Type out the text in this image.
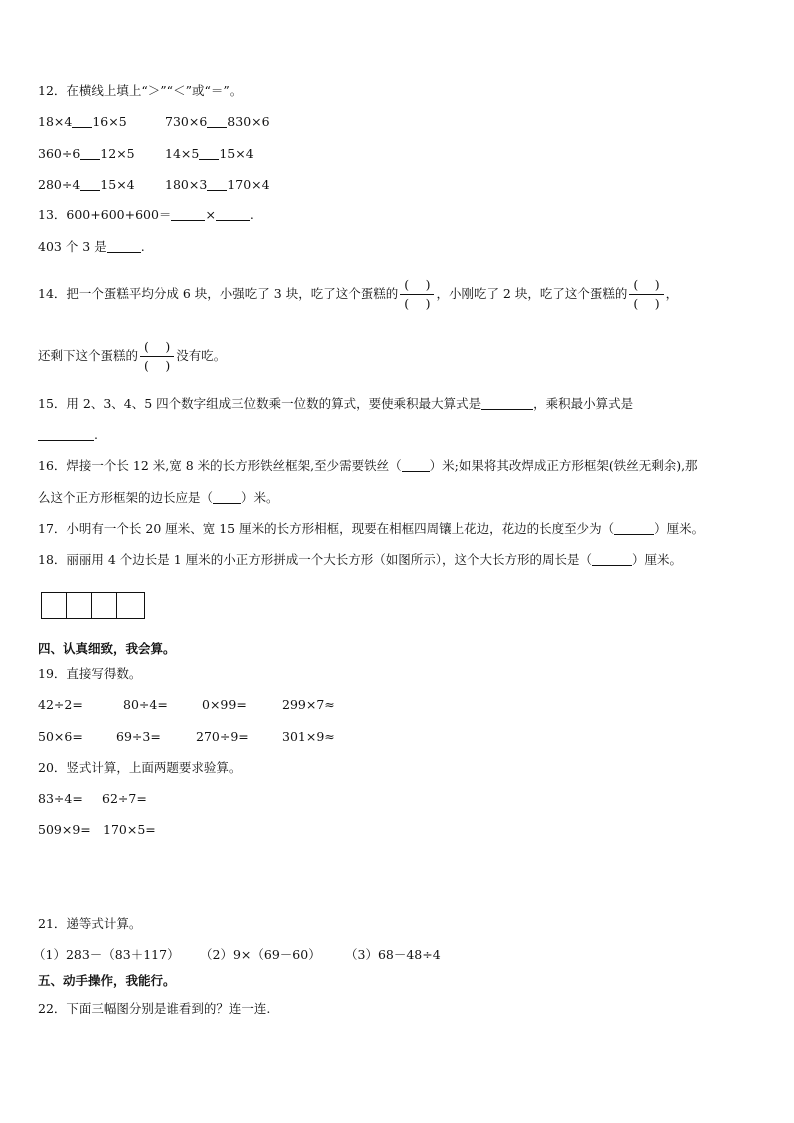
12．在横线上填上“＞”“＜”或“＝”。
18×4 16×5	730×6 830×6
360÷6 12×5 14×5 15×4
280÷4 15×4 180×3 170×4
13．600+600+600＝	×	.
403 个 3 是	.
14．把一个蛋糕平均分成 6 块，小强吃了 3 块，吃了这个蛋糕的 $\frac{( )}{( )}$ ，小刚吃了 2 块，吃了这个蛋糕的 $\frac{( )}{( )}$ ，
还剩下这个蛋糕的 $\frac{( )}{( )}$ 没有吃。
15．用 2、3、4、5 四个数字组成三位数乘一位数的算式，要使乘积最大算式是	，乘积最小算式是
.
16．焊接一个长 12 米,宽 8 米的长方形铁丝框架,至少需要铁丝（ ）米;如果将其改焊成正方形框架(铁丝无剩余),那
么这个正方形框架的边长应是（ ）米。
17．小明有一个长 20 厘米、宽 15 厘米的长方形相框，现要在相框四周镶上花边，花边的长度至少为（	）厘米。
18．丽丽用 4 个边长是 1 厘米的小正方形拼成一个大长方形（如图所示），这个大长方形的周长是（	）厘米。
四、认真细致，我会算。
19．直接写得数。
42÷2=	80÷4=	0×99=	299×7≈
50×6=	69÷3=	270÷9=	301×9≈
20．竖式计算，上面两题要求验算。
83÷4= 62÷7=
509×9= 170×5=
21．递等式计算。
（1）283－（83＋117） （2）9×（69－60） （3）68－48÷4
五、动手操作，我能行。
22．下面三幅图分别是谁看到的？连一连.
